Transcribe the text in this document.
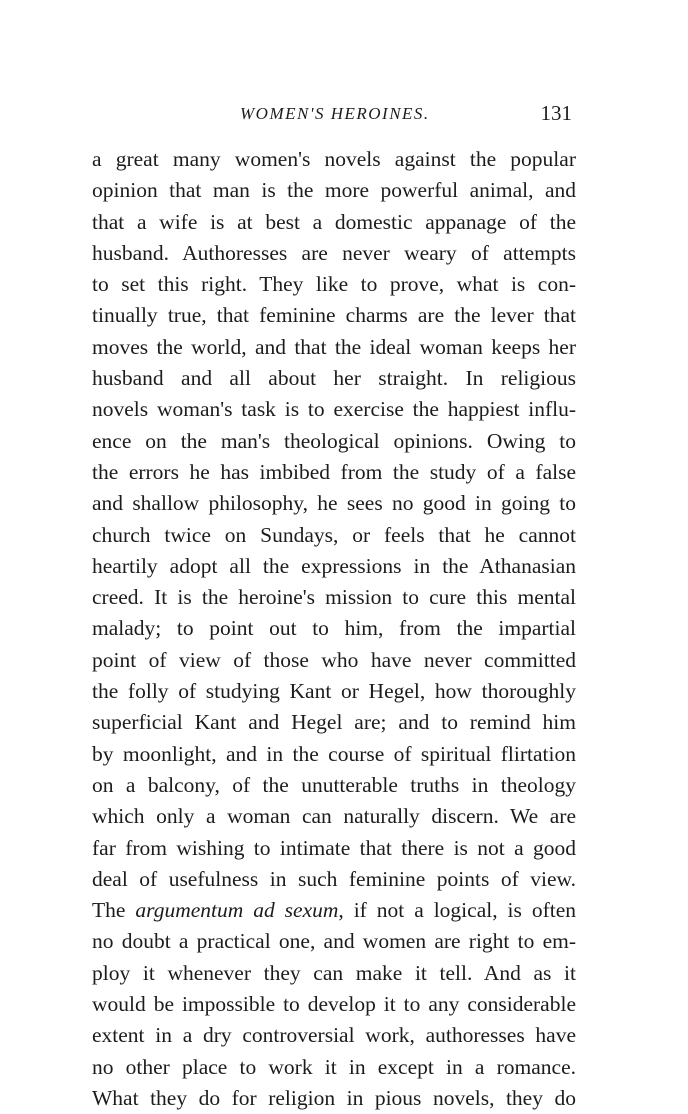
WOMEN'S HEROINES.	131
a great many women's novels against the popular
opinion that man is the more powerful animal, and
that a wife is at best a domestic appanage of the
husband. Authoresses are never weary of attempts
to set this right. They like to prove, what is con-
tinually true, that feminine charms are the lever that
moves the world, and that the ideal woman keeps her
husband and all about her straight. In religious
novels woman's task is to exercise the happiest influ-
ence on the man's theological opinions. Owing to
the errors he has imbibed from the study of a false
and shallow philosophy, he sees no good in going to
church twice on Sundays, or feels that he cannot
heartily adopt all the expressions in the Athanasian
creed. It is the heroine's mission to cure this mental
malady; to point out to him, from the impartial
point of view of those who have never committed
the folly of studying Kant or Hegel, how thoroughly
superficial Kant and Hegel are; and to remind him
by moonlight, and in the course of spiritual flirtation
on a balcony, of the unutterable truths in theology
which only a woman can naturally discern. We are
far from wishing to intimate that there is not a good
deal of usefulness in such feminine points of view.
The argumentum ad sexum, if not a logical, is often
no doubt a practical one, and women are right to em-
ploy it whenever they can make it tell. And as it
would be impossible to develop it to any considerable
extent in a dry controversial work, authoresses have
no other place to work it in except in a romance.
What they do for religion in pious novels, they do
